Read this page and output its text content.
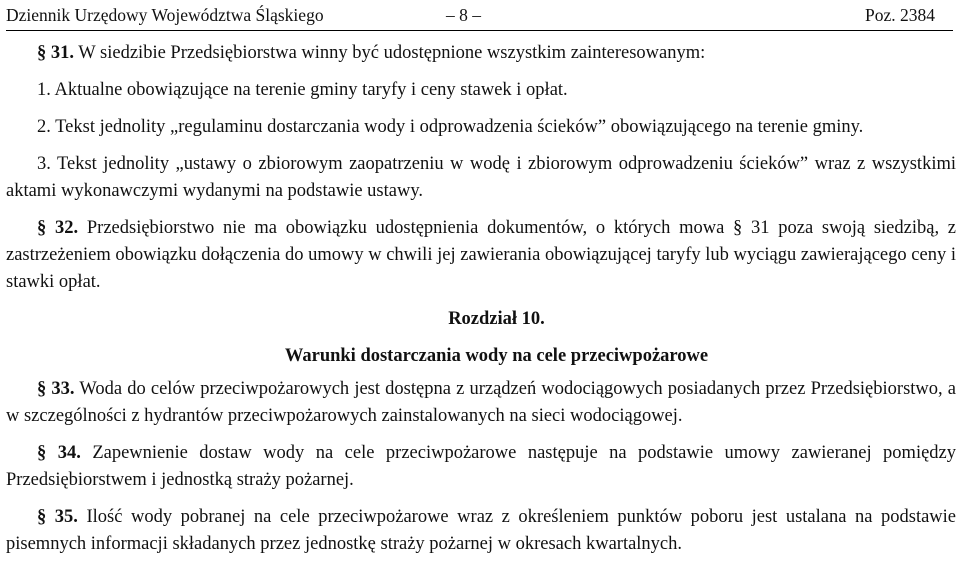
Dziennik Urzędowy Województwa Śląskiego	– 8 –	Poz. 2384

§ 31. W siedzibie Przedsiębiorstwa winny być udostępnione wszystkim zainteresowanym:

1. Aktualne obowiązujące na terenie gminy taryfy i ceny stawek i opłat.

2. Tekst jednolity „regulaminu dostarczania wody i odprowadzenia ścieków” obowiązującego na terenie gminy.

3. Tekst jednolity „ustawy o zbiorowym zaopatrzeniu w wodę i zbiorowym odprowadzeniu ścieków” wraz z wszystkimi aktami wykonawczymi wydanymi na podstawie ustawy.

§ 32. Przedsiębiorstwo nie ma obowiązku udostępnienia dokumentów, o których mowa § 31 poza swoją siedzibą, z zastrzeżeniem obowiązku dołączenia do umowy w chwili jej zawierania obowiązującej taryfy lub wyciągu zawierającego ceny i stawki opłat.

Rozdział 10.

Warunki dostarczania wody na cele przeciwpożarowe

§ 33. Woda do celów przeciwpożarowych jest dostępna z urządzeń wodociągowych posiadanych przez Przedsiębiorstwo, a w szczególności z hydrantów przeciwpożarowych zainstalowanych na sieci wodociągowej.

§ 34. Zapewnienie dostaw wody na cele przeciwpożarowe następuje na podstawie umowy zawieranej pomiędzy Przedsiębiorstwem i jednostką straży pożarnej.

§ 35. Ilość wody pobranej na cele przeciwpożarowe wraz z określeniem punktów poboru jest ustalana na podstawie pisemnych informacji składanych przez jednostkę straży pożarnej w okresach kwartalnych.
